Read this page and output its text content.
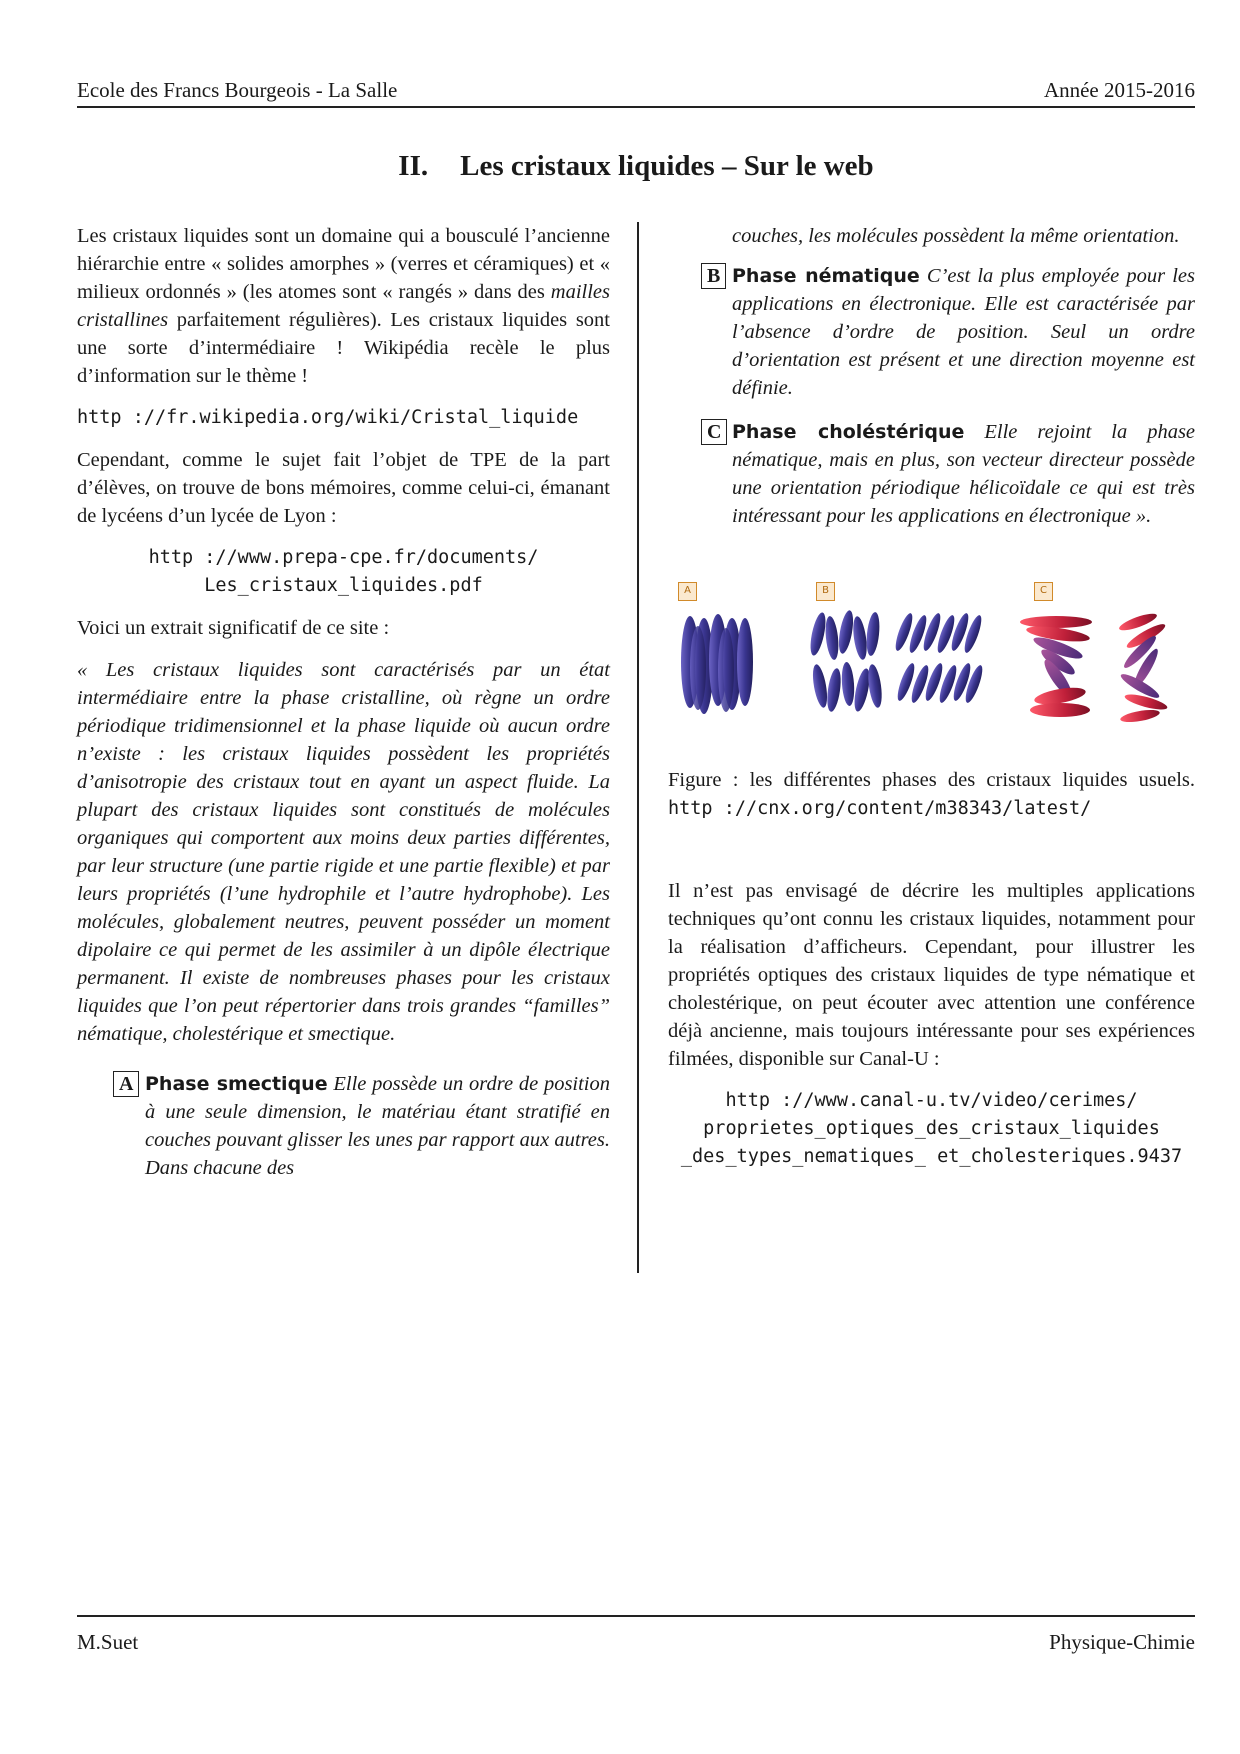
Ecole des Francs Bourgeois - La Salle	Année 2015-2016
II. Les cristaux liquides – Sur le web

Les cristaux liquides sont un domaine qui a bousculé l’ancienne hiérarchie entre « solides amorphes » (verres et céramiques) et « milieux ordonnés » (les atomes sont « rangés » dans des mailles cristallines parfaitement régulières). Les cristaux liquides sont une sorte d’intermédiaire ! Wikipédia recèle le plus d’information sur le thème !

http ://fr.wikipedia.org/wiki/Cristal_liquide

Cependant, comme le sujet fait l’objet de TPE de la part d’élèves, on trouve de bons mémoires, comme celui-ci, émanant de lycéens d’un lycée de Lyon :

http ://www.prepa-cpe.fr/documents/
Les_cristaux_liquides.pdf

Voici un extrait significatif de ce site :

« Les cristaux liquides sont caractérisés par un état intermédiaire entre la phase cristalline, où règne un ordre périodique tridimensionnel et la phase liquide où aucun ordre n’existe : les cristaux liquides possèdent les propriétés d’anisotropie des cristaux tout en ayant un aspect fluide. La plupart des cristaux liquides sont constitués de molécules organiques qui comportent aux moins deux parties différentes, par leur structure (une partie rigide et une partie flexible) et par leurs propriétés (l’une hydrophile et l’autre hydrophobe). Les molécules, globalement neutres, peuvent posséder un moment dipolaire ce qui permet de les assimiler à un dipôle électrique permanent. Il existe de nombreuses phases pour les cristaux liquides que l’on peut répertorier dans trois grandes “familles” nématique, cholestérique et smectique.

A Phase smectique Elle possède un ordre de position à une seule dimension, le matériau étant stratifié en couches pouvant glisser les unes par rapport aux autres. Dans chacune des
couches, les molécules possèdent la même orientation.
B Phase nématique C’est la plus employée pour les applications en électronique. Elle est caractérisée par l’absence d’ordre de position. Seul un ordre d’orientation est présent et une direction moyenne est définie.
C Phase choléstérique Elle rejoint la phase nématique, mais en plus, son vecteur directeur possède une orientation périodique hélicoïdale ce qui est très intéressant pour les applications en électronique ».
A	B	C

Figure : les différentes phases des cristaux liquides usuels. http ://cnx.org/content/m38343/latest/

Il n’est pas envisagé de décrire les multiples applications techniques qu’ont connu les cristaux liquides, notamment pour la réalisation d’afficheurs. Cependant, pour illustrer les propriétés optiques des cristaux liquides de type nématique et cholestérique, on peut écouter avec attention une conférence déjà ancienne, mais toujours intéressante pour ses expériences filmées, disponible sur Canal-U :

http ://www.canal-u.tv/video/cerimes/
proprietes_optiques_des_cristaux_liquides
_des_types_nematiques_ et_cholesteriques.9437
M.Suet	Physique-Chimie
